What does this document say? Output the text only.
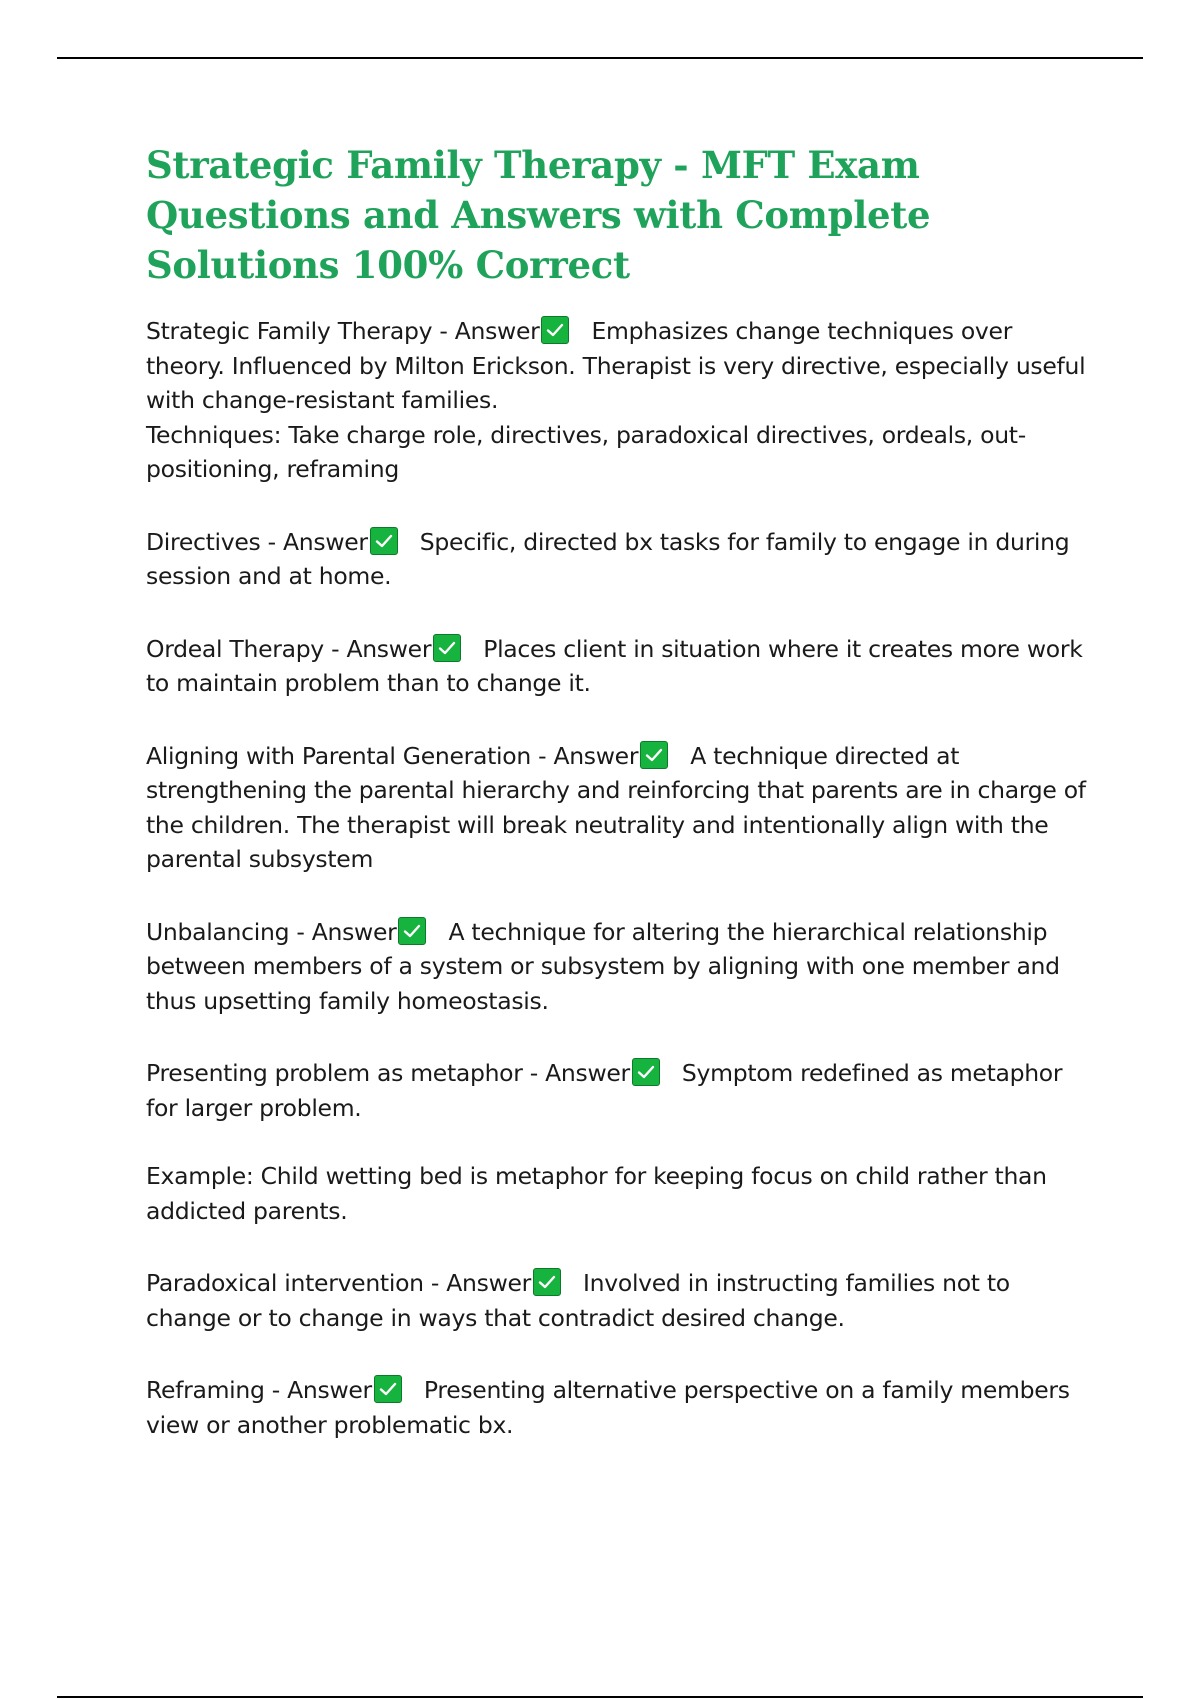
Strategic Family Therapy - MFT Exam Questions and Answers with Complete Solutions 100% Correct

Strategic Family Therapy - Answer Emphasizes change techniques over theory. Influenced by Milton Erickson. Therapist is very directive, especially useful with change-resistant families.

Techniques: Take charge role, directives, paradoxical directives, ordeals, out-positioning, reframing

Directives - Answer Specific, directed bx tasks for family to engage in during session and at home.

Ordeal Therapy - Answer Places client in situation where it creates more work to maintain problem than to change it.

Aligning with Parental Generation - Answer A technique directed at strengthening the parental hierarchy and reinforcing that parents are in charge of the children. The therapist will break neutrality and intentionally align with the parental subsystem

Unbalancing - Answer A technique for altering the hierarchical relationship between members of a system or subsystem by aligning with one member and thus upsetting family homeostasis.

Presenting problem as metaphor - Answer Symptom redefined as metaphor for larger problem.

Example: Child wetting bed is metaphor for keeping focus on child rather than addicted parents.

Paradoxical intervention - Answer Involved in instructing families not to change or to change in ways that contradict desired change.

Reframing - Answer Presenting alternative perspective on a family members view or another problematic bx.
